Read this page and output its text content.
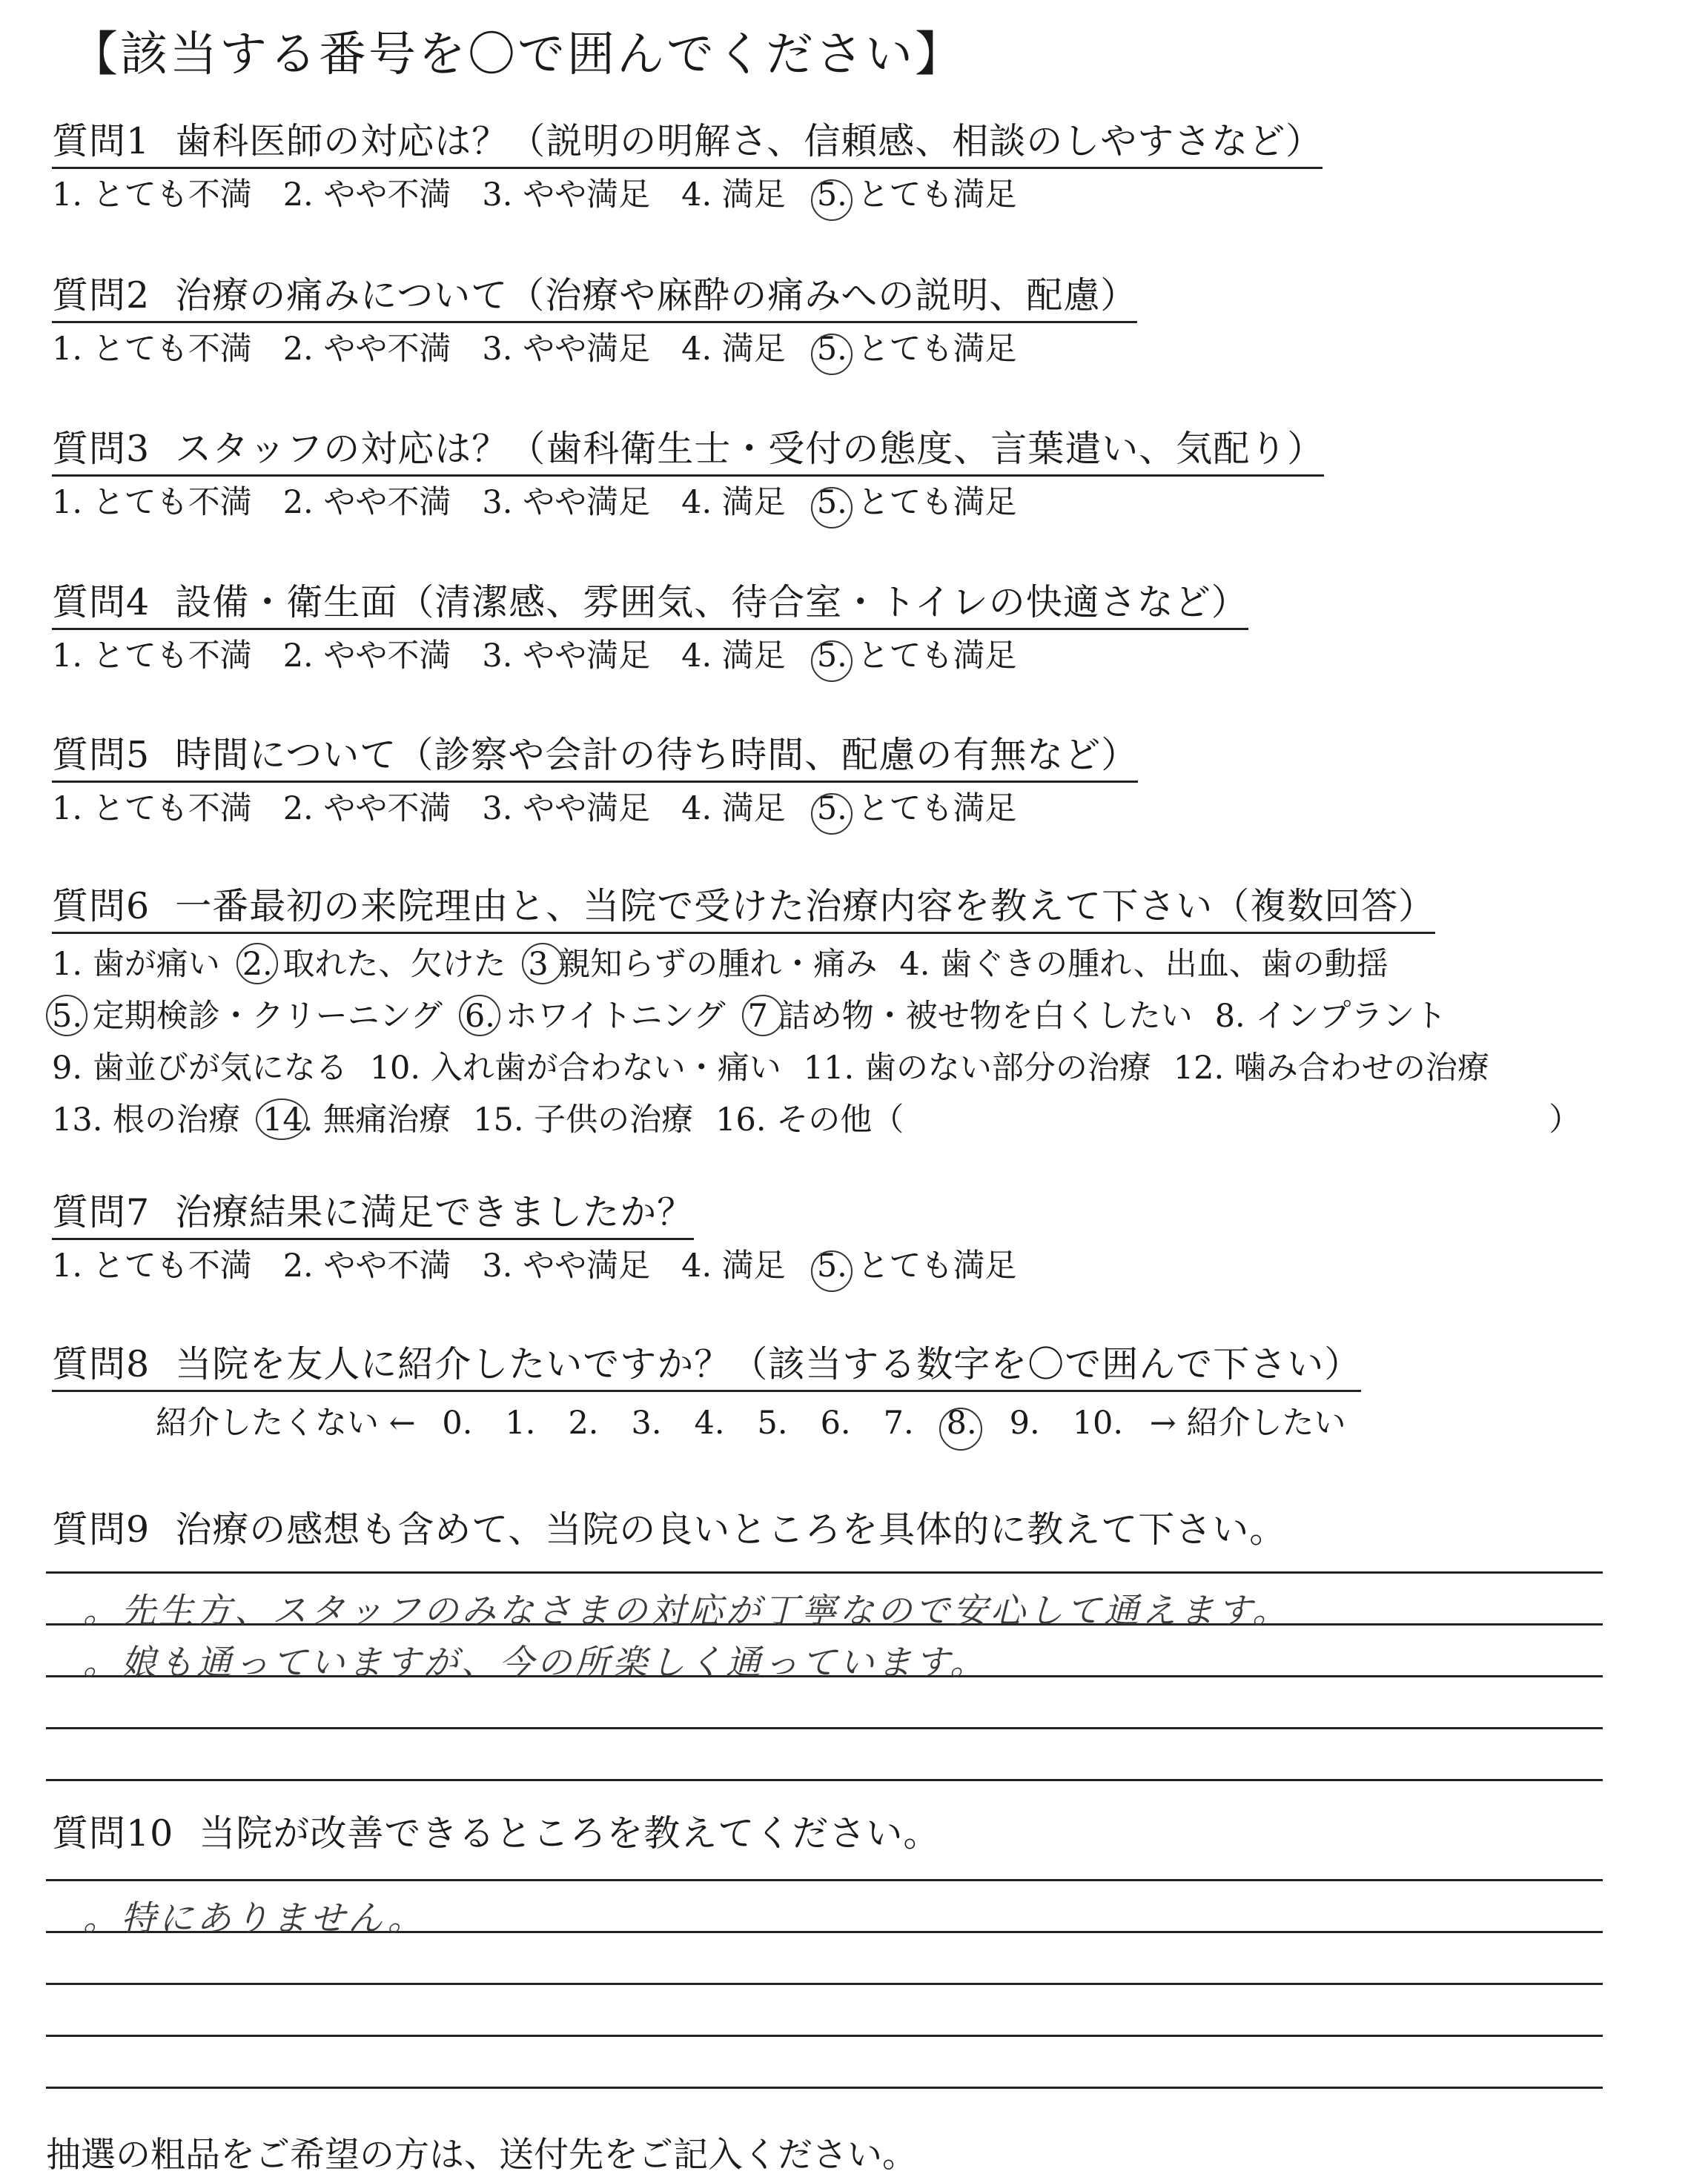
【該当する番号を〇で囲んでください】
質問1 歯科医師の対応は？（説明の明解さ、信頼感、相談のしやすさなど）
1. とても不満 2. やや不満 3. やや満足 4. 満足 5. とても満足
質問2 治療の痛みについて（治療や麻酔の痛みへの説明、配慮）
1. とても不満 2. やや不満 3. やや満足 4. 満足 5. とても満足
質問3 スタッフの対応は？（歯科衛生士・受付の態度、言葉遣い、気配り）
1. とても不満 2. やや不満 3. やや満足 4. 満足 5. とても満足
質問4 設備・衛生面（清潔感、雰囲気、待合室・トイレの快適さなど）
1. とても不満 2. やや不満 3. やや満足 4. 満足 5. とても満足
質問5 時間について（診察や会計の待ち時間、配慮の有無など）
1. とても不満 2. やや不満 3. やや満足 4. 満足 5. とても満足
質問6 一番最初の来院理由と、当院で受けた治療内容を教えて下さい（複数回答）
1. 歯が痛い 2. 取れた、欠けた 3 親知らずの腫れ・痛み 4. 歯ぐきの腫れ、出血、歯の動揺
5. 定期検診・クリーニング 6. ホワイトニング 7 詰め物・被せ物を白くしたい 8. インプラント
9. 歯並びが気になる 10. 入れ歯が合わない・痛い 11. 歯のない部分の治療 12. 噛み合わせの治療
13. 根の治療 14. 無痛治療 15. 子供の治療 16. その他（	）
質問7 治療結果に満足できましたか？
1. とても不満 2. やや不満 3. やや満足 4. 満足 5. とても満足
質問8 当院を友人に紹介したいですか？（該当する数字を〇で囲んで下さい）
紹介したくない ← 0. 1. 2. 3. 4. 5. 6. 7. 8. 9. 10. → 紹介したい
質問9 治療の感想も含めて、当院の良いところを具体的に教えて下さい。
。先生方、スタッフのみなさまの対応が丁寧なので安心して通えます。
。娘も通っていますが、今の所楽しく通っています。
質問10 当院が改善できるところを教えてください。
。特にありません。
抽選の粗品をご希望の方は、送付先をご記入ください。
